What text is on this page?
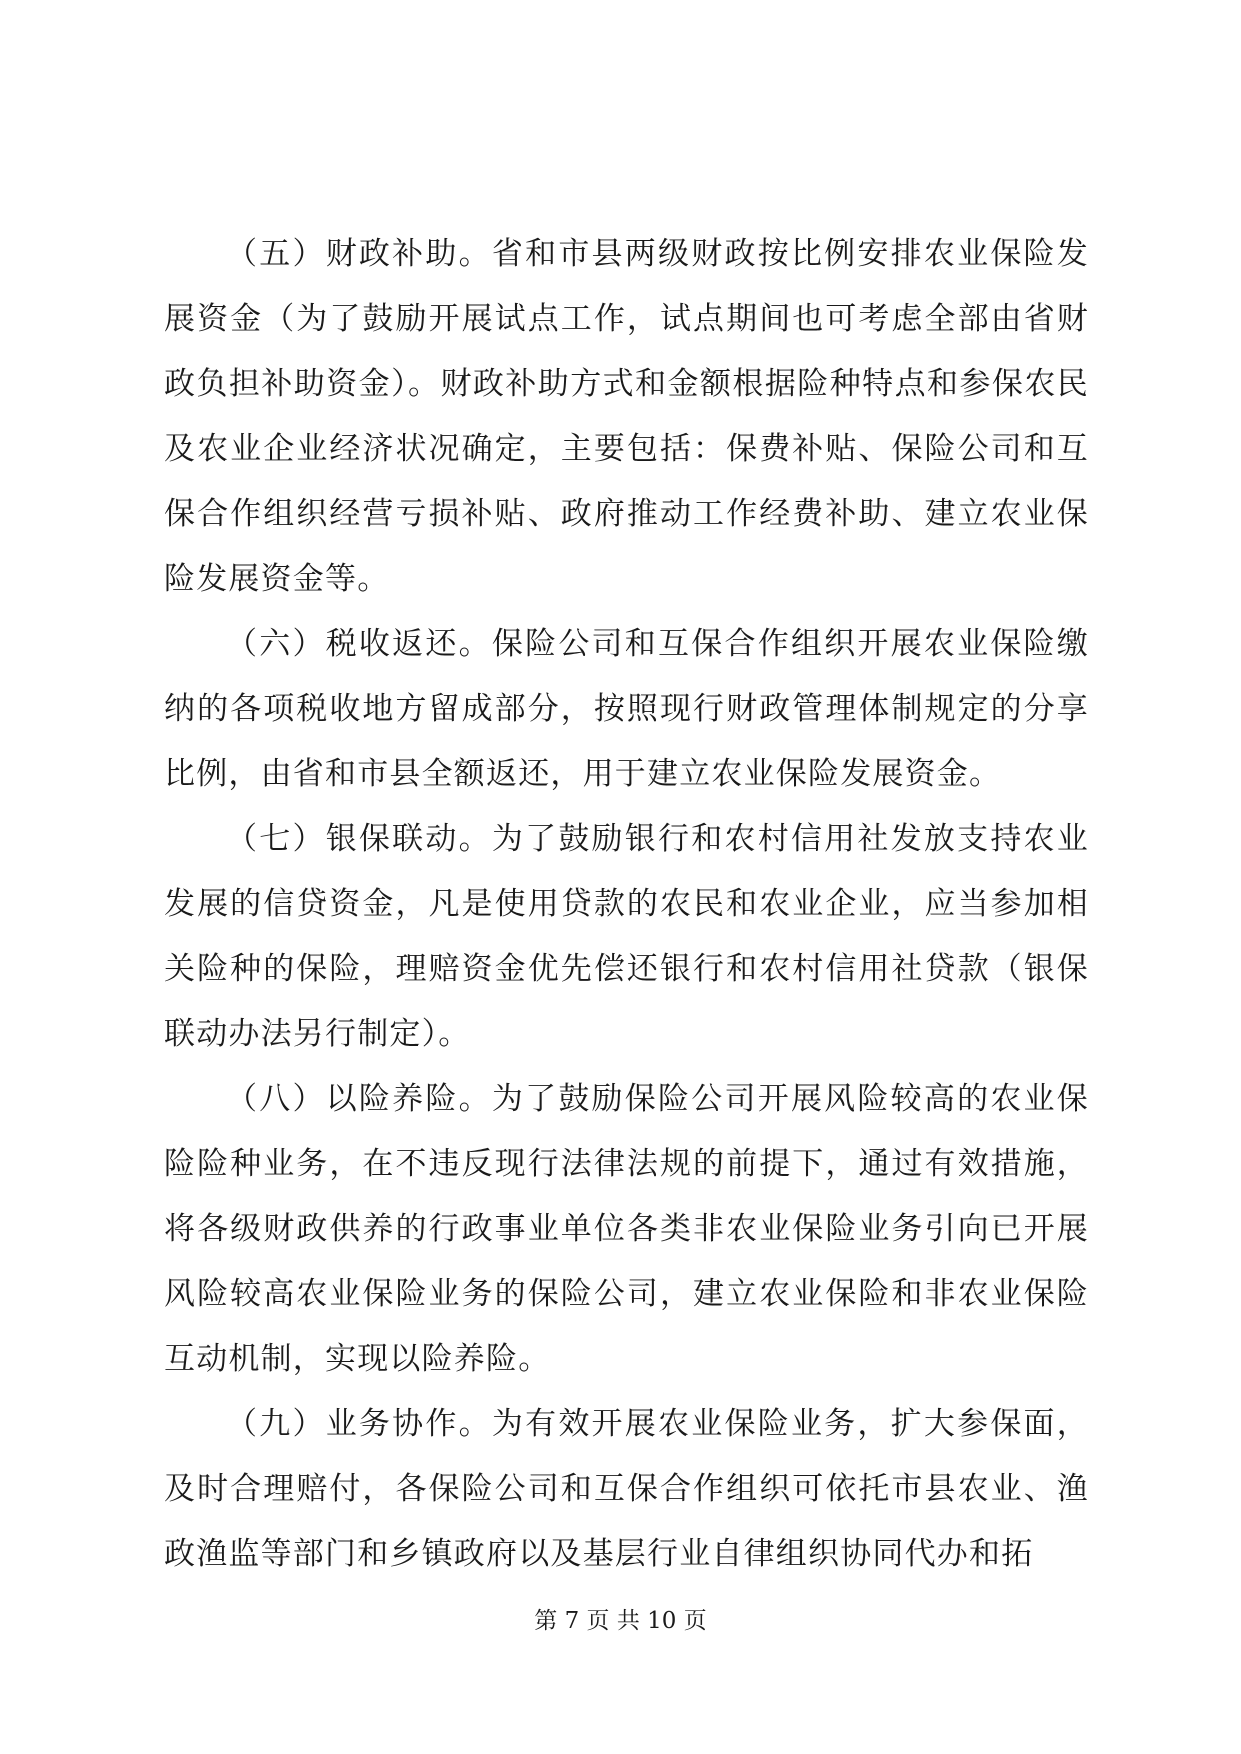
（五）财政补助。省和市县两级财政按比例安排农业保险发展资金（为了鼓励开展试点工作，试点期间也可考虑全部由省财政负担补助资金）。财政补助方式和金额根据险种特点和参保农民及农业企业经济状况确定，主要包括：保费补贴、保险公司和互保合作组织经营亏损补贴、政府推动工作经费补助、建立农业保险发展资金等。

（六）税收返还。保险公司和互保合作组织开展农业保险缴纳的各项税收地方留成部分，按照现行财政管理体制规定的分享比例，由省和市县全额返还，用于建立农业保险发展资金。

（七）银保联动。为了鼓励银行和农村信用社发放支持农业发展的信贷资金，凡是使用贷款的农民和农业企业，应当参加相关险种的保险，理赔资金优先偿还银行和农村信用社贷款（银保联动办法另行制定）。

（八）以险养险。为了鼓励保险公司开展风险较高的农业保险险种业务，在不违反现行法律法规的前提下，通过有效措施，将各级财政供养的行政事业单位各类非农业保险业务引向已开展风险较高农业保险业务的保险公司，建立农业保险和非农业保险互动机制，实现以险养险。

（九）业务协作。为有效开展农业保险业务，扩大参保面，及时合理赔付，各保险公司和互保合作组织可依托市县农业、渔政渔监等部门和乡镇政府以及基层行业自律组织协同代办和拓

第 7 页 共 10 页
